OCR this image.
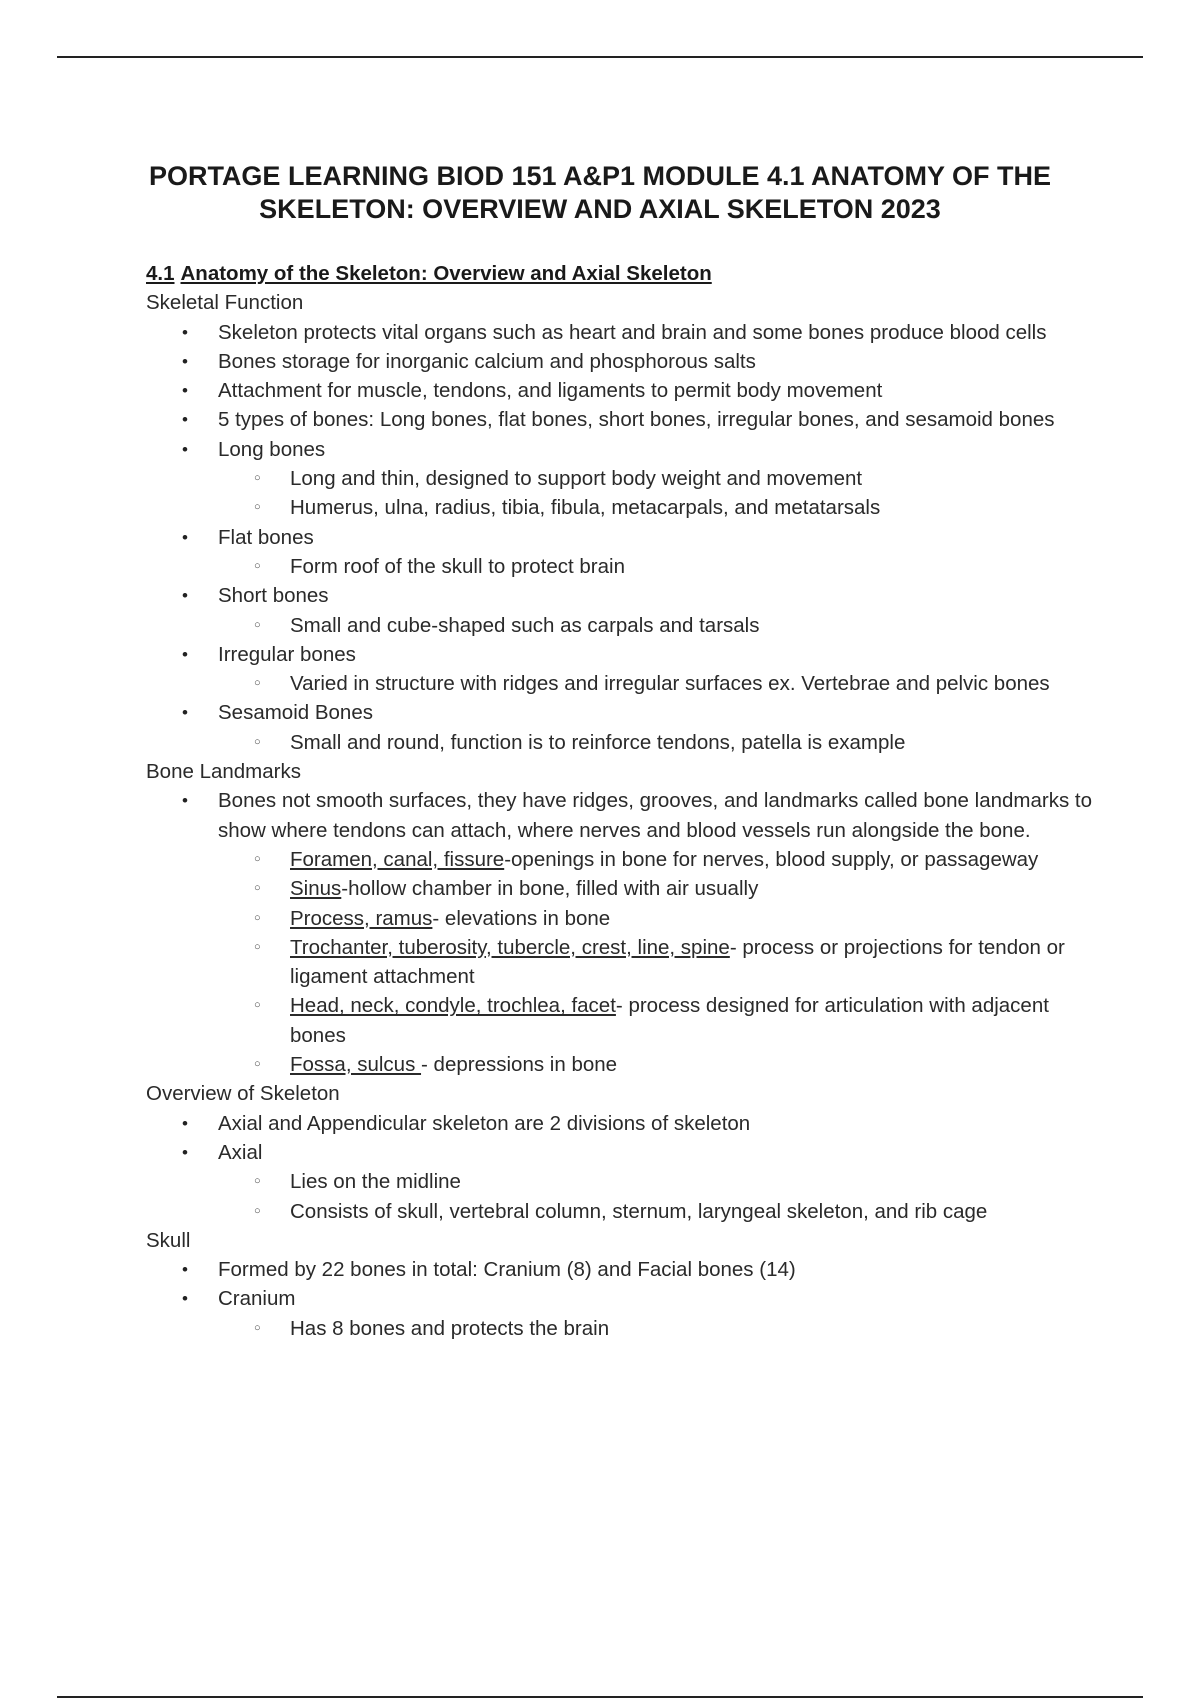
PORTAGE LEARNING BIOD 151 A&P1 MODULE 4.1 ANATOMY OF THE
SKELETON: OVERVIEW AND AXIAL SKELETON 2023
4.1 Anatomy of the Skeleton: Overview and Axial Skeleton
Skeletal Function
• Skeleton protects vital organs such as heart and brain and some bones produce blood cells
• Bones storage for inorganic calcium and phosphorous salts
• Attachment for muscle, tendons, and ligaments to permit body movement
• 5 types of bones: Long bones, flat bones, short bones, irregular bones, and sesamoid bones
• Long bones
○ Long and thin, designed to support body weight and movement
○ Humerus, ulna, radius, tibia, fibula, metacarpals, and metatarsals
• Flat bones
○ Form roof of the skull to protect brain
• Short bones
○ Small and cube-shaped such as carpals and tarsals
• Irregular bones
○ Varied in structure with ridges and irregular surfaces ex. Vertebrae and pelvic bones
• Sesamoid Bones
○ Small and round, function is to reinforce tendons, patella is example
Bone Landmarks
• Bones not smooth surfaces, they have ridges, grooves, and landmarks called bone landmarks to show where tendons can attach, where nerves and blood vessels run alongside the bone.
○ Foramen, canal, fissure-openings in bone for nerves, blood supply, or passageway
○ Sinus-hollow chamber in bone, filled with air usually
○ Process, ramus- elevations in bone
○ Trochanter, tuberosity, tubercle, crest, line, spine- process or projections for tendon or ligament attachment
○ Head, neck, condyle, trochlea, facet- process designed for articulation with adjacent bones
○ Fossa, sulcus - depressions in bone
Overview of Skeleton
• Axial and Appendicular skeleton are 2 divisions of skeleton
• Axial
○ Lies on the midline
○ Consists of skull, vertebral column, sternum, laryngeal skeleton, and rib cage
Skull
• Formed by 22 bones in total: Cranium (8) and Facial bones (14)
• Cranium
○ Has 8 bones and protects the brain
